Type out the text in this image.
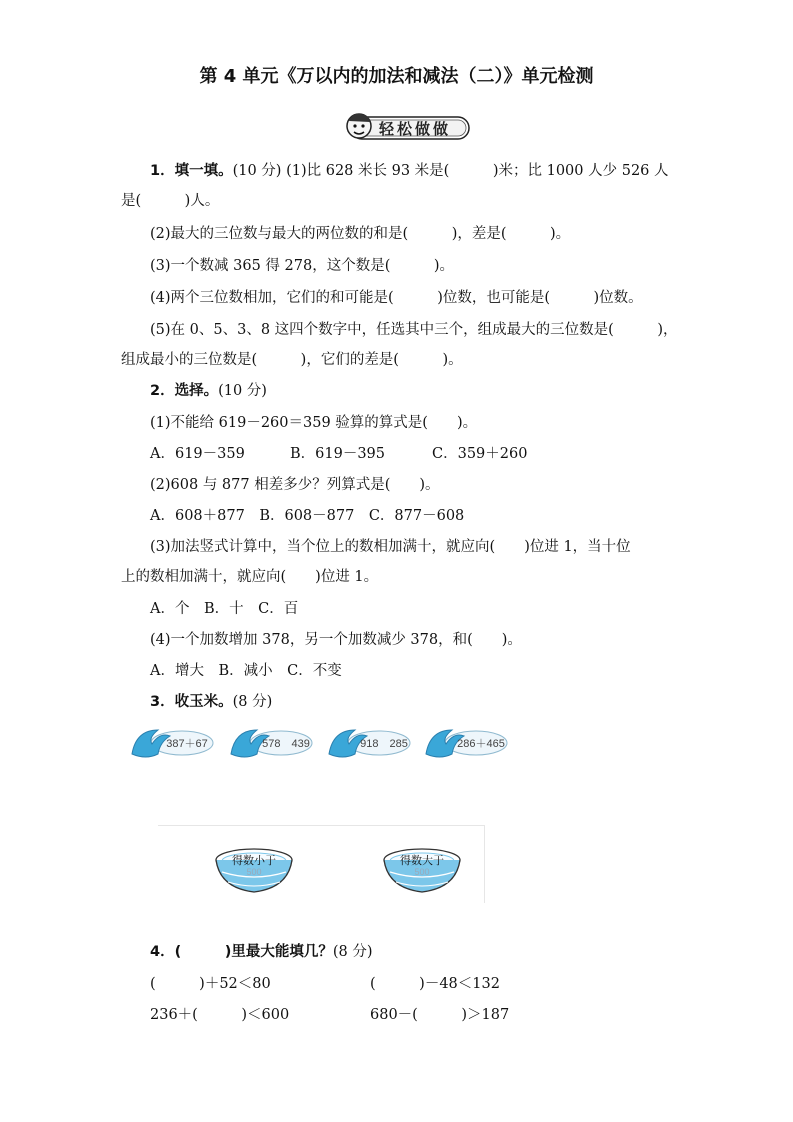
第 4 单元《万以内的加法和减法（二）》单元检测
轻松做做
1．填一填。(10 分) (1)比 628 米长 93 米是(　　　)米；比 1000 人少 526 人
是(　　　)人。
(2)最大的三位数与最大的两位数的和是(　　　)，差是(　　　)。
(3)一个数减 365 得 278，这个数是(　　　)。
(4)两个三位数相加，它们的和可能是(　　　)位数，也可能是(　　　)位数。
(5)在 0、5、3、8 这四个数字中，任选其中三个，组成最大的三位数是(　　　)，
组成最小的三位数是(　　　)，它们的差是(　　　)。
2．选择。(10 分)
(1)不能给 619－260＝359 验算的算式是(　　)。
A．619－359	B．619－395	C．359＋260
(2)608 与 877 相差多少？列算式是(　　)。
A．608＋877　B．608－877　C．877－608
(3)加法竖式计算中，当个位上的数相加满十，就应向(　　)位进 1，当十位
上的数相加满十，就应向(　　)位进 1。
A．个　B．十　C．百
(4)一个加数增加 378，另一个加数减少 378，和(　　)。
A．增大　B．减小　C．不变
3．收玉米。(8 分)
387＋67	578　439	918　285	286＋465
得数小于
500
得数大于
500
4．(　　　)里最大能填几？(8 分)
(　　　)＋52＜80	(　　　)－48＜132
236＋(　　　)＜600	680－(　　　)＞187
